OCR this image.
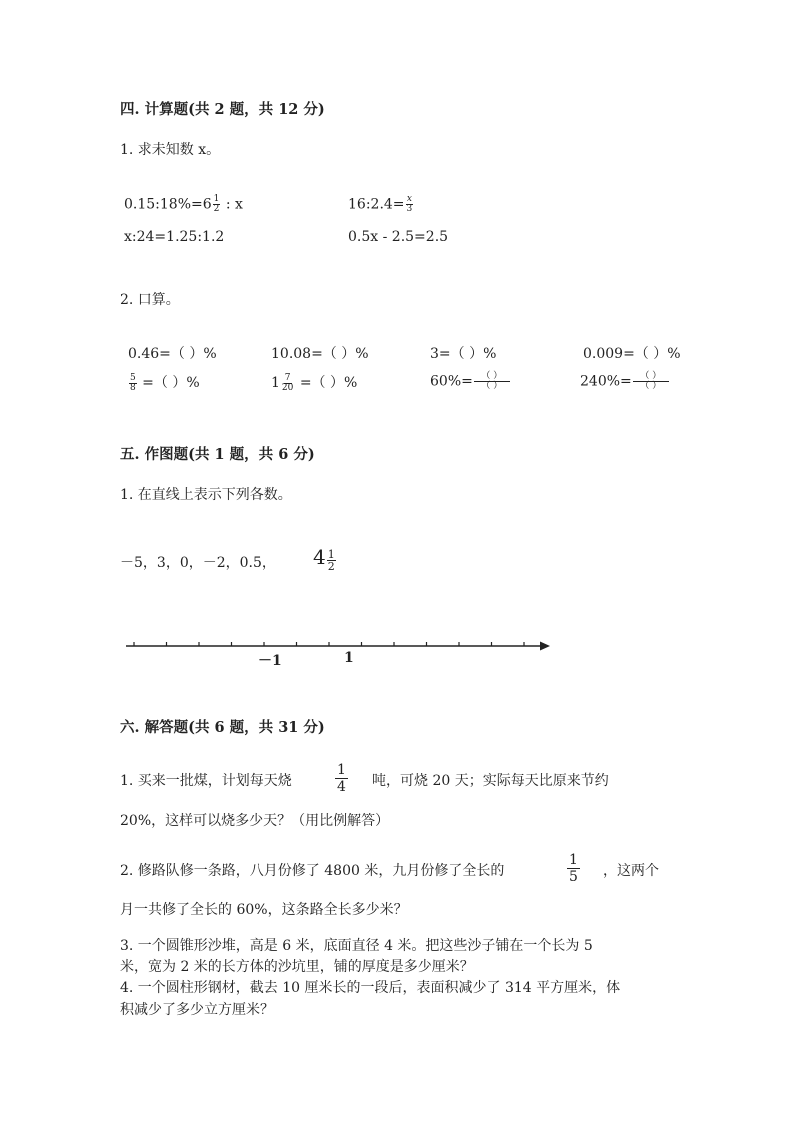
四. 计算题(共 2 题，共 12 分)
1. 求未知数 x。
0.15:18%=6 $\frac{1}{2}$ : x	16:2.4= $\frac{x}{3}$
x:24=1.25:1.2	0.5x - 2.5=2.5
2. 口算。
0.46=（ ）%	10.08=（ ）%	3=（ ）%	0.009=（ ）%
$\frac{5}{8}$ =（ ）%	$1 \frac{7}{20}$ =（ ）%	$60\%= \frac{( )}{( )}$	$240\%= \frac{( )}{( )}$
五. 作图题(共 1 题，共 6 分)
1. 在直线上表示下列各数。
－5，3，0，－2，0.5， $4 \frac{1}{2}$
－1	1
六. 解答题(共 6 题，共 31 分)
1. 买来一批煤，计划每天烧	$\frac{1}{4}$ 吨，可烧 20 天；实际每天比原来节约
20%，这样可以烧多少天？（用比例解答）
2. 修路队修一条路，八月份修了 4800 米，九月份修了全长的	$\frac{1}{5}$ ，这两个
月一共修了全长的 60%，这条路全长多少米？
3. 一个圆锥形沙堆，高是 6 米，底面直径 4 米。把这些沙子铺在一个长为 5
米，宽为 2 米的长方体的沙坑里，铺的厚度是多少厘米？
4. 一个圆柱形钢材，截去 10 厘米长的一段后，表面积减少了 314 平方厘米，体
积减少了多少立方厘米？
